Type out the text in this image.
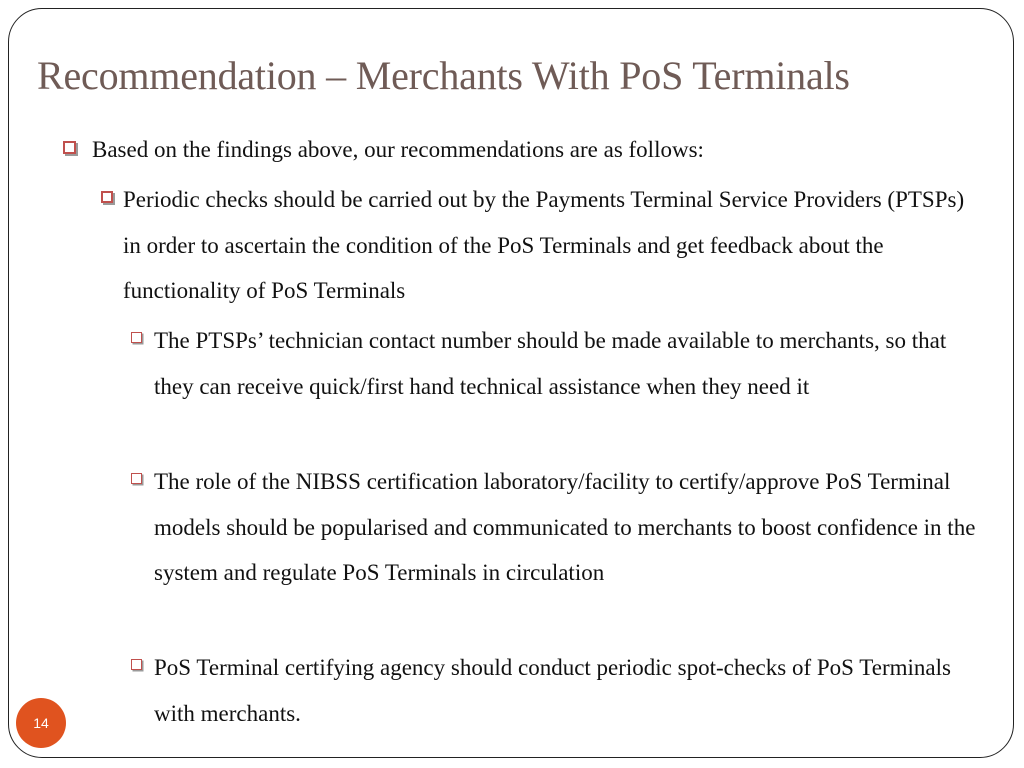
Recommendation – Merchants With PoS Terminals
Based on the findings above, our recommendations are as follows:
Periodic checks should be carried out by the Payments Terminal Service Providers (PTSPs) in order to ascertain the condition of the PoS Terminals and get feedback about the functionality of PoS Terminals
The PTSPs’ technician contact number should be made available to merchants, so that they can receive quick/first hand technical assistance when they need it
The role of the NIBSS certification laboratory/facility to certify/approve PoS Terminal models should be popularised and communicated to merchants to boost confidence in the system and regulate PoS Terminals in circulation
PoS Terminal certifying agency should conduct periodic spot-checks of PoS Terminals with merchants.
14
